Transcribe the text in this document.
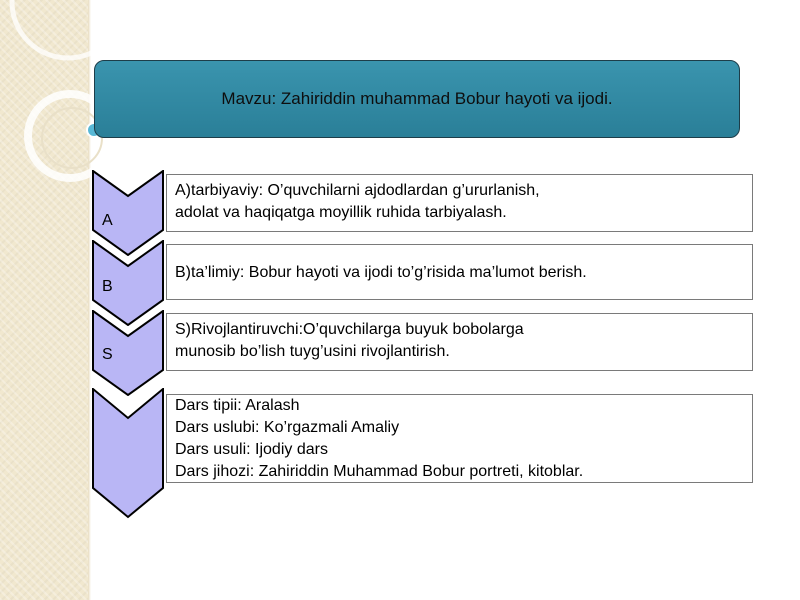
Mavzu: Zahiriddin muhammad Bobur hayoti va ijodi.
A
A)tarbiyaviy: O’quvchilarni ajdodlardan g’ururlanish,
adolat va haqiqatga moyillik ruhida tarbiyalash.
B
B)ta’limiy: Bobur hayoti va ijodi to’g’risida ma’lumot berish.
S
S)Rivojlantiruvchi:O’quvchilarga buyuk bobolarga
munosib bo’lish tuyg’usini rivojlantirish.
Dars tipii: Aralash
Dars uslubi: Ko’rgazmali Amaliy
Dars usuli: Ijodiy dars
Dars jihozi: Zahiriddin Muhammad Bobur portreti, kitoblar.
